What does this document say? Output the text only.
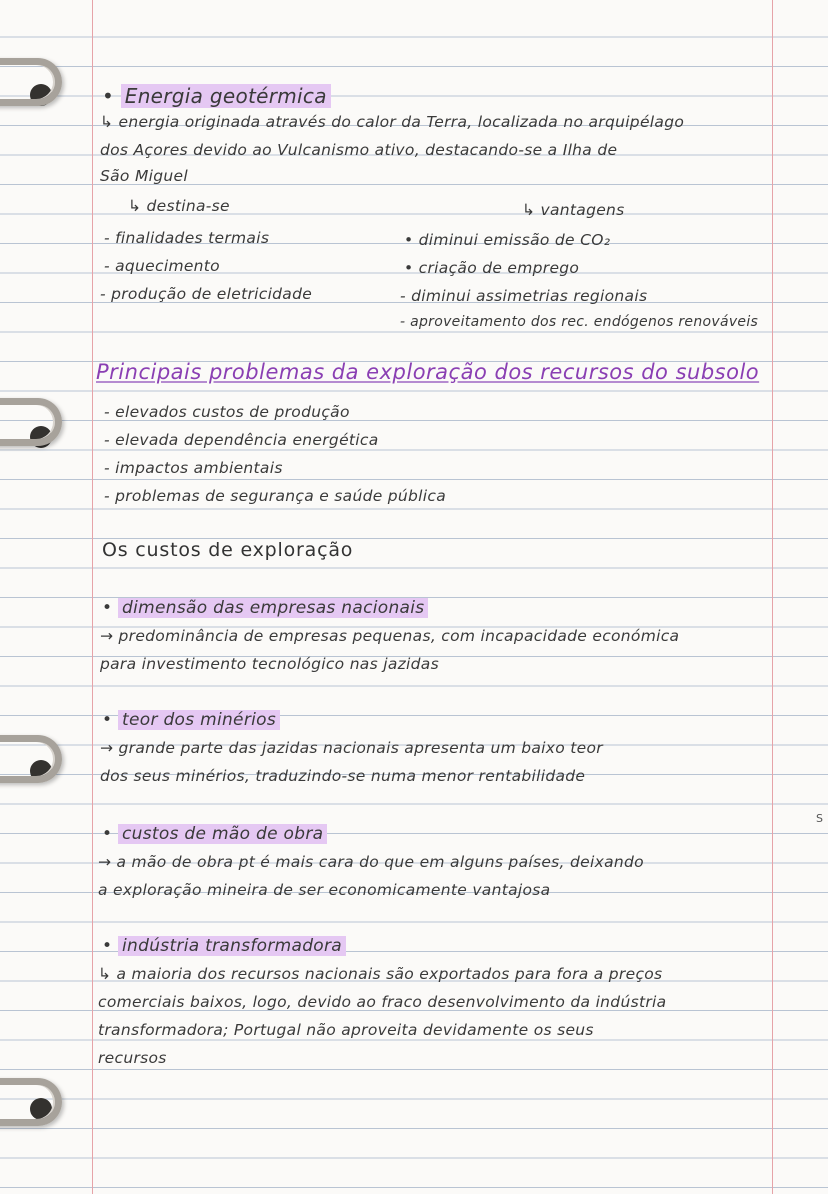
• Energia geotérmica
↳ energia originada através do calor da Terra, localizada no arquipélago
dos Açores devido ao Vulcanismo ativo, destacando-se a Ilha de
São Miguel
↳ destina-se
- finalidades termais
- aquecimento
- produção de eletricidade
↳ vantagens
• diminui emissão de CO₂
• criação de emprego
- diminui assimetrias regionais
- aproveitamento dos rec. endógenos renováveis
Principais problemas da exploração dos recursos do subsolo
- elevados custos de produção
- elevada dependência energética
- impactos ambientais
- problemas de segurança e saúde pública
Os custos de exploração
• dimensão das empresas nacionais
→ predominância de empresas pequenas, com incapacidade económica
para investimento tecnológico nas jazidas
• teor dos minérios
→ grande parte das jazidas nacionais apresenta um baixo teor
dos seus minérios, traduzindo-se numa menor rentabilidade
• custos de mão de obra
→ a mão de obra pt é mais cara do que em alguns países, deixando
a exploração mineira de ser economicamente vantajosa
• indústria transformadora
↳ a maioria dos recursos nacionais são exportados para fora a preços
comerciais baixos, logo, devido ao fraco desenvolvimento da indústria
transformadora; Portugal não aproveita devidamente os seus
recursos
S
